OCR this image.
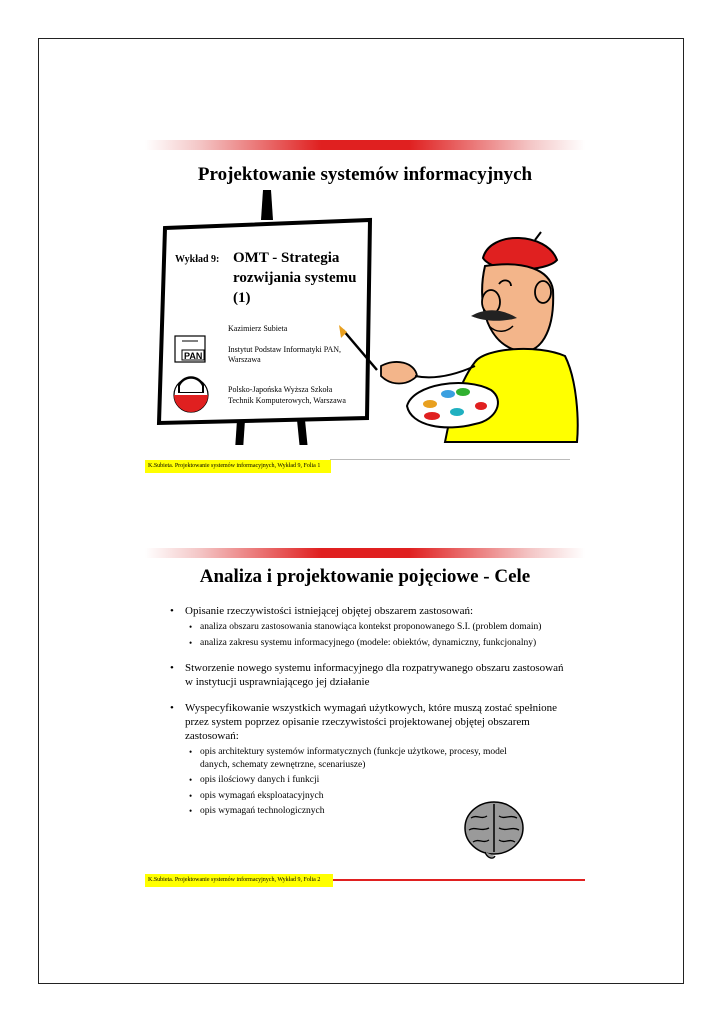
Projektowanie systemów informacyjnych
PAN
Wykład 9: OMT - Strategia rozwijania systemu (1)
Kazimierz Subieta
Instytut Podstaw Informatyki PAN,
Warszawa
Polsko-Japońska Wyższa Szkoła
Technik Komputerowych, Warszawa
K.Subieta. Projektowanie systemów informacyjnych, Wykład 9, Folia 1
Analiza i projektowanie pojęciowe - Cele
• Opisanie rzeczywistości istniejącej objętej obszarem zastosowań:
• analiza obszaru zastosowania stanowiąca kontekst proponowanego S.I. (problem domain)
• analiza zakresu systemu informacyjnego (modele: obiektów, dynamiczny, funkcjonalny)
• Stworzenie nowego systemu informacyjnego dla rozpatrywanego obszaru zastosowań w instytucji usprawniającego jej działanie
• Wyspecyfikowanie wszystkich wymagań użytkowych, które muszą zostać spełnione przez system poprzez opisanie rzeczywistości projektowanej objętej obszarem zastosowań:
• opis architektury systemów informatycznych (funkcje użytkowe, procesy, model danych, schematy zewnętrzne, scenariusze)
• opis ilościowy danych i funkcji
• opis wymagań eksploatacyjnych
• opis wymagań technologicznych
K.Subieta. Projektowanie systemów informacyjnych, Wykład 9, Folia 2
